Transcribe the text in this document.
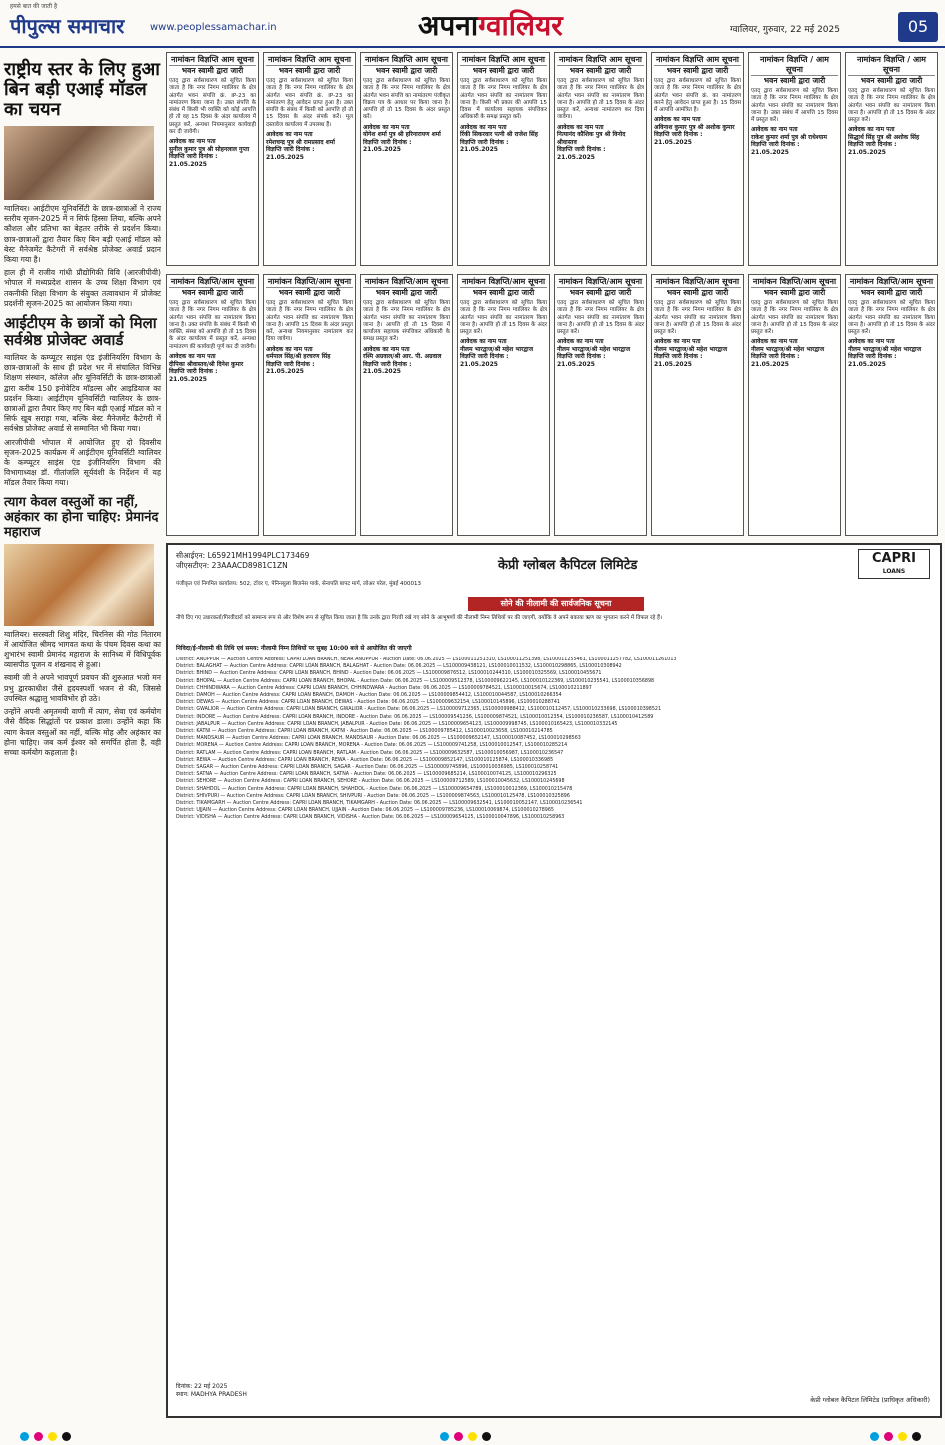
हमसे बात की जाती है
पीपुल्स समाचार	www.peoplessamachar.in	अपनाग्वालियर	ग्वालियर, गुरुवार, 22 मई 2025	05
राष्ट्रीय स्तर के लिए हुआ बिन बड़ी एआई मॉडल का चयन

ग्वालियर। आईटीएम यूनिवर्सिटी के छात्र-छात्राओं ने राज्य स्तरीय सृजन-2025 में न सिर्फ हिस्सा लिया, बल्कि अपने कौशल और प्रतिभा का बेहतर तरीके से प्रदर्शन किया। छात्र-छात्राओं द्वारा तैयार किए बिन बड़ी एआई मॉडल को बेस्ट मैनेजमेंट कैटेगरी में सर्वश्रेष्ठ प्रोजेक्ट अवार्ड प्रदान किया गया है।

हाल ही में राजीव गांधी प्रौद्योगिकी विवि (आरजीपीवी) भोपाल में मध्यप्रदेश शासन के उच्च शिक्षा विभाग एवं तकनीकी शिक्षा विभाग के संयुक्त तत्वावधान में प्रोजेक्ट प्रदर्शनी सृजन-2025 का आयोजन किया गया।

आईटीएम के छात्रों को मिला सर्वश्रेष्ठ प्रोजेक्ट अवार्ड

ग्वालियर के कम्प्यूटर साइंस एंड इंजीनियरिंग विभाग के छात्र-छात्राओं के साथ ही प्रदेश भर में संचालित विभिन्न शिक्षण संस्थान, कॉलेज और यूनिवर्सिटी के छात्र-छात्राओं द्वारा करीब 150 इनोवेटिव मॉडल्स और आइडियाज का प्रदर्शन किया। आईटीएम यूनिवर्सिटी ग्वालियर के छात्र-छात्राओं द्वारा तैयार किए गए बिन बड़ी एआई मॉडल को न सिर्फ खूब सराहा गया, बल्कि बेस्ट मैनेजमेंट कैटेगरी में सर्वश्रेष्ठ प्रोजेक्ट अवार्ड से सम्मानित भी किया गया।

आरजीपीवी भोपाल में आयोजित हुए दो दिवसीय सृजन-2025 कार्यक्रम में आईटीएम यूनिवर्सिटी ग्वालियर के कम्प्यूटर साइंस एंड इंजीनियरिंग विभाग की विभागाध्यक्ष डॉ. गीतांजलि सूर्यवंशी के निर्देशन में यह मॉडल तैयार किया गया।

त्याग केवल वस्तुओं का नहीं, अहंकार का होना चाहिए: प्रेमानंद महाराज

ग्वालियर। सरस्वती शिशु मंदिर, चिरनिस की गोठ नितारम में आयोजित श्रीमद भागवत कथा के पंचम दिवस कथा का शुभारंभ स्वामी प्रेमानंद महाराज के सानिध्य में विधिपूर्वक व्यासपीठ पूजन व शंखनाद से हुआ।

स्वामी जी ने अपने भावपूर्ण प्रवचन की शुरुआत भजो मन प्रभु द्वारकाधीश जैसे हृदयस्पर्शी भजन से की, जिससे उपस्थित श्रद्धालु भावविभोर हो उठे।

उन्होंने अपनी अमृतमयी वाणी में त्याग, सेवा एवं कर्मयोग जैसे वैदिक सिद्धांतों पर प्रकाश डाला। उन्होंने कहा कि त्याग केवल वस्तुओं का नहीं, बल्कि मोह और अहंकार का होना चाहिए। जब कर्म ईश्वर को समर्पित होता है, वही सच्चा कर्मयोग कहलाता है।

नामांकन विज्ञप्ति आम सूचना
भवन स्वामी द्वारा जारी
एतद् द्वारा सर्वसाधारण को सूचित किया जाता है कि नगर निगम ग्वालियर के क्षेत्र अंतर्गत भवन संपत्ति क्रं. IP-23 का नामांतरण किया जाना है। उक्त संपत्ति के संबंध में किसी भी व्यक्ति को कोई आपत्ति हो तो वह 15 दिवस के अंदर कार्यालय में प्रस्तुत करें, अन्यथा नियमानुसार कार्यवाही कर दी जावेगी।
आवेदक का नाम पता
सुनील कुमार पुत्र श्री सोहनलाल गुप्ता
विज्ञप्ति जारी दिनांक : 21.05.2025
नामांकन विज्ञप्ति आम सूचना
भवन स्वामी द्वारा जारी
एतद् द्वारा सर्वसाधारण को सूचित किया जाता है कि नगर निगम ग्वालियर के क्षेत्र अंतर्गत भवन संपत्ति क्रं. IP-23 का नामांतरण हेतु आवेदन प्राप्त हुआ है। उक्त संपत्ति के संबंध में किसी को आपत्ति हो तो 15 दिवस के अंदर संपर्क करें। मूल दस्तावेज कार्यालय में उपलब्ध हैं।
आवेदक का नाम पता
रमेशचन्द्र पुत्र श्री रामप्रसाद शर्मा
विज्ञप्ति जारी दिनांक : 21.05.2025
नामांकन विज्ञप्ति आम सूचना
भवन स्वामी द्वारा जारी
एतद् द्वारा सर्वसाधारण को सूचित किया जाता है कि नगर निगम ग्वालियर के क्षेत्र अंतर्गत भवन संपत्ति का नामांतरण पंजीकृत विक्रय पत्र के आधार पर किया जाना है। आपत्ति हो तो 15 दिवस के अंदर प्रस्तुत करें।
आवेदक का नाम पता
योगेश शर्मा पुत्र श्री हरिनारायण शर्मा
विज्ञप्ति जारी दिनांक : 21.05.2025
नामांकन विज्ञप्ति आम सूचना
भवन स्वामी द्वारा जारी
एतद् द्वारा सर्वसाधारण को सूचित किया जाता है कि नगर निगम ग्वालियर के क्षेत्र अंतर्गत भवन संपत्ति का नामांतरण किया जाना है। किसी भी प्रकार की आपत्ति 15 दिवस में कार्यालय सहायक संपत्तिकर अधिकारी के समक्ष प्रस्तुत करें।
आवेदक का नाम पता
रिंकी सिकरवार पत्नी श्री राजेश सिंह
विज्ञप्ति जारी दिनांक : 21.05.2025
नामांकन विज्ञप्ति आम सूचना
भवन स्वामी द्वारा जारी
एतद् द्वारा सर्वसाधारण को सूचित किया जाता है कि नगर निगम ग्वालियर के क्षेत्र अंतर्गत भवन संपत्ति का नामांतरण किया जाना है। आपत्ति हो तो 15 दिवस के अंदर प्रस्तुत करें, अन्यथा नामांतरण कर दिया जावेगा।
आवेदक का नाम पता
नित्यानंद कौशिक पुत्र श्री विनोद श्रीवास्तव
विज्ञप्ति जारी दिनांक : 21.05.2025
नामांकन विज्ञप्ति आम सूचना
भवन स्वामी द्वारा जारी
एतद् द्वारा सर्वसाधारण को सूचित किया जाता है कि नगर निगम ग्वालियर के क्षेत्र अंतर्गत भवन संपत्ति क्रं. का नामांतरण करने हेतु आवेदन प्राप्त हुआ है। 15 दिवस में आपत्ति आमंत्रित है।
आवेदक का नाम पता
अविनाश कुमार पुत्र श्री अशोक कुमार
विज्ञप्ति जारी दिनांक : 21.05.2025
नामांकन विज्ञप्ति / आम सूचना
भवन स्वामी द्वारा जारी
एतद् द्वारा सर्वसाधारण को सूचित किया जाता है कि नगर निगम ग्वालियर के क्षेत्र अंतर्गत भवन संपत्ति का नामांतरण किया जाना है। उक्त संबंध में आपत्ति 15 दिवस में प्रस्तुत करें।
आवेदक का नाम पता
राकेश कुमार शर्मा पुत्र श्री राधेश्याम
विज्ञप्ति जारी दिनांक : 21.05.2025
नामांकन विज्ञप्ति / आम सूचना
भवन स्वामी द्वारा जारी
एतद् द्वारा सर्वसाधारण को सूचित किया जाता है कि नगर निगम ग्वालियर के क्षेत्र अंतर्गत भवन संपत्ति का नामांतरण किया जाना है। आपत्ति हो तो 15 दिवस के अंदर प्रस्तुत करें।
आवेदक का नाम पता
सिद्धार्थ सिंह पुत्र श्री अशोक सिंह
विज्ञप्ति जारी दिनांक : 21.05.2025
नामांकन विज्ञप्ति/आम सूचना
भवन स्वामी द्वारा जारी
एतद् द्वारा सर्वसाधारण को सूचित किया जाता है कि नगर निगम ग्वालियर के क्षेत्र अंतर्गत भवन संपत्ति का नामांतरण किया जाना है। उक्त संपत्ति के संबंध में किसी भी व्यक्ति, संस्था को आपत्ति हो तो 15 दिवस के अंदर कार्यालय में प्रस्तुत करें, अन्यथा नामांतरण की कार्यवाही पूर्ण कर दी जावेगी।
आवेदक का नाम पता
दीपिका श्रीवास्तव/श्री दिनेश कुमार
विज्ञप्ति जारी दिनांक : 21.05.2025
नामांकन विज्ञप्ति/आम सूचना
भवन स्वामी द्वारा जारी
एतद् द्वारा सर्वसाधारण को सूचित किया जाता है कि नगर निगम ग्वालियर के क्षेत्र अंतर्गत भवन संपत्ति का नामांतरण किया जाना है। आपत्ति 15 दिवस के अंदर प्रस्तुत करें, अन्यथा नियमानुसार नामांतरण कर दिया जावेगा।
आवेदक का नाम पता
धर्मपाल सिंह/श्री हरचरण सिंह
विज्ञप्ति जारी दिनांक : 21.05.2025
नामांकन विज्ञप्ति/आम सूचना
भवन स्वामी द्वारा जारी
एतद् द्वारा सर्वसाधारण को सूचित किया जाता है कि नगर निगम ग्वालियर के क्षेत्र अंतर्गत भवन संपत्ति का नामांतरण किया जाना है। आपत्ति हो तो 15 दिवस में कार्यालय सहायक संपत्तिकर अधिकारी के समक्ष प्रस्तुत करें।
आवेदक का नाम पता
रश्मि अग्रवाल/श्री आर. पी. अग्रवाल
विज्ञप्ति जारी दिनांक : 21.05.2025
नामांकन विज्ञप्ति/आम सूचना
भवन स्वामी द्वारा जारी
एतद् द्वारा सर्वसाधारण को सूचित किया जाता है कि नगर निगम ग्वालियर के क्षेत्र अंतर्गत भवन संपत्ति का नामांतरण किया जाना है। आपत्ति हो तो 15 दिवस के अंदर प्रस्तुत करें।
आवेदक का नाम पता
नीलम भारद्वाज/श्री महेश भारद्वाज
विज्ञप्ति जारी दिनांक : 21.05.2025
नामांकन विज्ञप्ति/आम सूचना
भवन स्वामी द्वारा जारी
एतद् द्वारा सर्वसाधारण को सूचित किया जाता है कि नगर निगम ग्वालियर के क्षेत्र अंतर्गत भवन संपत्ति का नामांतरण किया जाना है। आपत्ति हो तो 15 दिवस के अंदर प्रस्तुत करें।
आवेदक का नाम पता
नीलम भारद्वाज/श्री महेश भारद्वाज
विज्ञप्ति जारी दिनांक : 21.05.2025
नामांकन विज्ञप्ति/आम सूचना
भवन स्वामी द्वारा जारी
एतद् द्वारा सर्वसाधारण को सूचित किया जाता है कि नगर निगम ग्वालियर के क्षेत्र अंतर्गत भवन संपत्ति का नामांतरण किया जाना है। आपत्ति हो तो 15 दिवस के अंदर प्रस्तुत करें।
आवेदक का नाम पता
नीलम भारद्वाज/श्री महेश भारद्वाज
विज्ञप्ति जारी दिनांक : 21.05.2025
नामांकन विज्ञप्ति/आम सूचना
भवन स्वामी द्वारा जारी
एतद् द्वारा सर्वसाधारण को सूचित किया जाता है कि नगर निगम ग्वालियर के क्षेत्र अंतर्गत भवन संपत्ति का नामांतरण किया जाना है। आपत्ति हो तो 15 दिवस के अंदर प्रस्तुत करें।
आवेदक का नाम पता
नीलम भारद्वाज/श्री महेश भारद्वाज
विज्ञप्ति जारी दिनांक : 21.05.2025
नामांकन विज्ञप्ति/आम सूचना
भवन स्वामी द्वारा जारी
एतद् द्वारा सर्वसाधारण को सूचित किया जाता है कि नगर निगम ग्वालियर के क्षेत्र अंतर्गत भवन संपत्ति का नामांतरण किया जाना है। आपत्ति हो तो 15 दिवस के अंदर प्रस्तुत करें।
आवेदक का नाम पता
नीलम भारद्वाज/श्री महेश भारद्वाज
विज्ञप्ति जारी दिनांक : 21.05.2025
सीआईएन: L65921MH1994PLC173469
जीएसटीएन: 23AAACD8981C1ZN	केप्री ग्लोबल कैपिटल लिमिटेड	CAPRI
LOANS
पंजीकृत एवं निगमित कार्यालय: 502, टॉवर ए, पेनिनसुला बिजनेस पार्क, सेनापति बापट मार्ग, लोअर परेल, मुंबई 400013
सोने की नीलामी की सार्वजनिक सूचना
नीचे दिए गए उधारकर्ता/गिरवीदारों को सामान्य रूप से और विशेष रूप से सूचित किया जाता है कि उनके द्वारा गिरवी रखे गए सोने के आभूषणों की नीलामी निम्न तिथियों पर की जाएगी, क्योंकि वे अपने बकाया ऋण का भुगतान करने में विफल रहे हैं।
निविदा/ई-नीलामी की तिथि एवं समय: नीलामी निम्न तिथियों पर सुबह 10:00 बजे से आयोजित की जाएगी
District: ANUPPUR — Auction Centre Address: CAPRI LOAN BRANCH, NEAR ANUPPUR - Auction Date: 06.06.2025 — LS100011251310, LS100011251398, LS100011255461, LS100011257782, LS100011261013
District: BALAGHAT — Auction Centre Address: CAPRI LOAN BRANCH, BALAGHAT - Auction Date: 06.06.2025 — LS100009438121, LS100010011532, LS100010298865, LS100010308942
District: BHIND — Auction Centre Address: CAPRI LOAN BRANCH, BHIND - Auction Date: 06.06.2025 — LS100009876512, LS100010244310, LS100010325569, LS100010455671
District: BHOPAL — Auction Centre Address: CAPRI LOAN BRANCH, BHOPAL - Auction Date: 06.06.2025 — LS100009512378, LS100009622145, LS100010122369, LS100010235541, LS100010356898
District: CHHINDWARA — Auction Centre Address: CAPRI LOAN BRANCH, CHHINDWARA - Auction Date: 06.06.2025 — LS100009784521, LS100010015674, LS100010211897
District: DAMOH — Auction Centre Address: CAPRI LOAN BRANCH, DAMOH - Auction Date: 06.06.2025 — LS100009854412, LS100010044587, LS100010266354
District: DEWAS — Auction Centre Address: CAPRI LOAN BRANCH, DEWAS - Auction Date: 06.06.2025 — LS100009632154, LS100010145896, LS100010288741
District: GWALIOR — Auction Centre Address: CAPRI LOAN BRANCH, GWALIOR - Auction Date: 06.06.2025 — LS100009712365, LS100009988412, LS100010112457, LS100010233698, LS100010398521
District: INDORE — Auction Centre Address: CAPRI LOAN BRANCH, INDORE - Auction Date: 06.06.2025 — LS100009541236, LS100009874521, LS100010012354, LS100010236587, LS100010412589
District: JABALPUR — Auction Centre Address: CAPRI LOAN BRANCH, JABALPUR - Auction Date: 06.06.2025 — LS100009654123, LS100009998745, LS100010165423, LS100010332145
District: KATNI — Auction Centre Address: CAPRI LOAN BRANCH, KATNI - Auction Date: 06.06.2025 — LS100009785412, LS100010023658, LS100010214785
District: MANDSAUR — Auction Centre Address: CAPRI LOAN BRANCH, MANDSAUR - Auction Date: 06.06.2025 — LS100009652147, LS100010087452, LS100010298563
District: MORENA — Auction Centre Address: CAPRI LOAN BRANCH, MORENA - Auction Date: 06.06.2025 — LS100009741258, LS100010012547, LS100010285214
District: RATLAM — Auction Centre Address: CAPRI LOAN BRANCH, RATLAM - Auction Date: 06.06.2025 — LS100009632587, LS100010056987, LS100010236547
District: REWA — Auction Centre Address: CAPRI LOAN BRANCH, REWA - Auction Date: 06.06.2025 — LS100009852147, LS100010125874, LS100010336985
District: SAGAR — Auction Centre Address: CAPRI LOAN BRANCH, SAGAR - Auction Date: 06.06.2025 — LS100009745896, LS100010036985, LS100010258741
District: SATNA — Auction Centre Address: CAPRI LOAN BRANCH, SATNA - Auction Date: 06.06.2025 — LS100009685214, LS100010074125, LS100010296325
District: SEHORE — Auction Centre Address: CAPRI LOAN BRANCH, SEHORE - Auction Date: 06.06.2025 — LS100009712589, LS100010045632, LS100010245698
District: SHAHDOL — Auction Centre Address: CAPRI LOAN BRANCH, SHAHDOL - Auction Date: 06.06.2025 — LS100009654789, LS100010012369, LS100010215478
District: SHIVPURI — Auction Centre Address: CAPRI LOAN BRANCH, SHIVPURI - Auction Date: 06.06.2025 — LS100009874563, LS100010125478, LS100010325896
District: TIKAMGARH — Auction Centre Address: CAPRI LOAN BRANCH, TIKAMGARH - Auction Date: 06.06.2025 — LS100009632541, LS100010052147, LS100010236541
District: UJJAIN — Auction Centre Address: CAPRI LOAN BRANCH, UJJAIN - Auction Date: 06.06.2025 — LS100009785236, LS100010069874, LS100010278965
District: VIDISHA — Auction Centre Address: CAPRI LOAN BRANCH, VIDISHA - Auction Date: 06.06.2025 — LS100009654125, LS100010047896, LS100010258963
दिनांक: 22 मई 2025
स्थान: MADHYA PRADESH
केप्री ग्लोबल कैपिटल लिमिटेड (प्राधिकृत अधिकारी)
